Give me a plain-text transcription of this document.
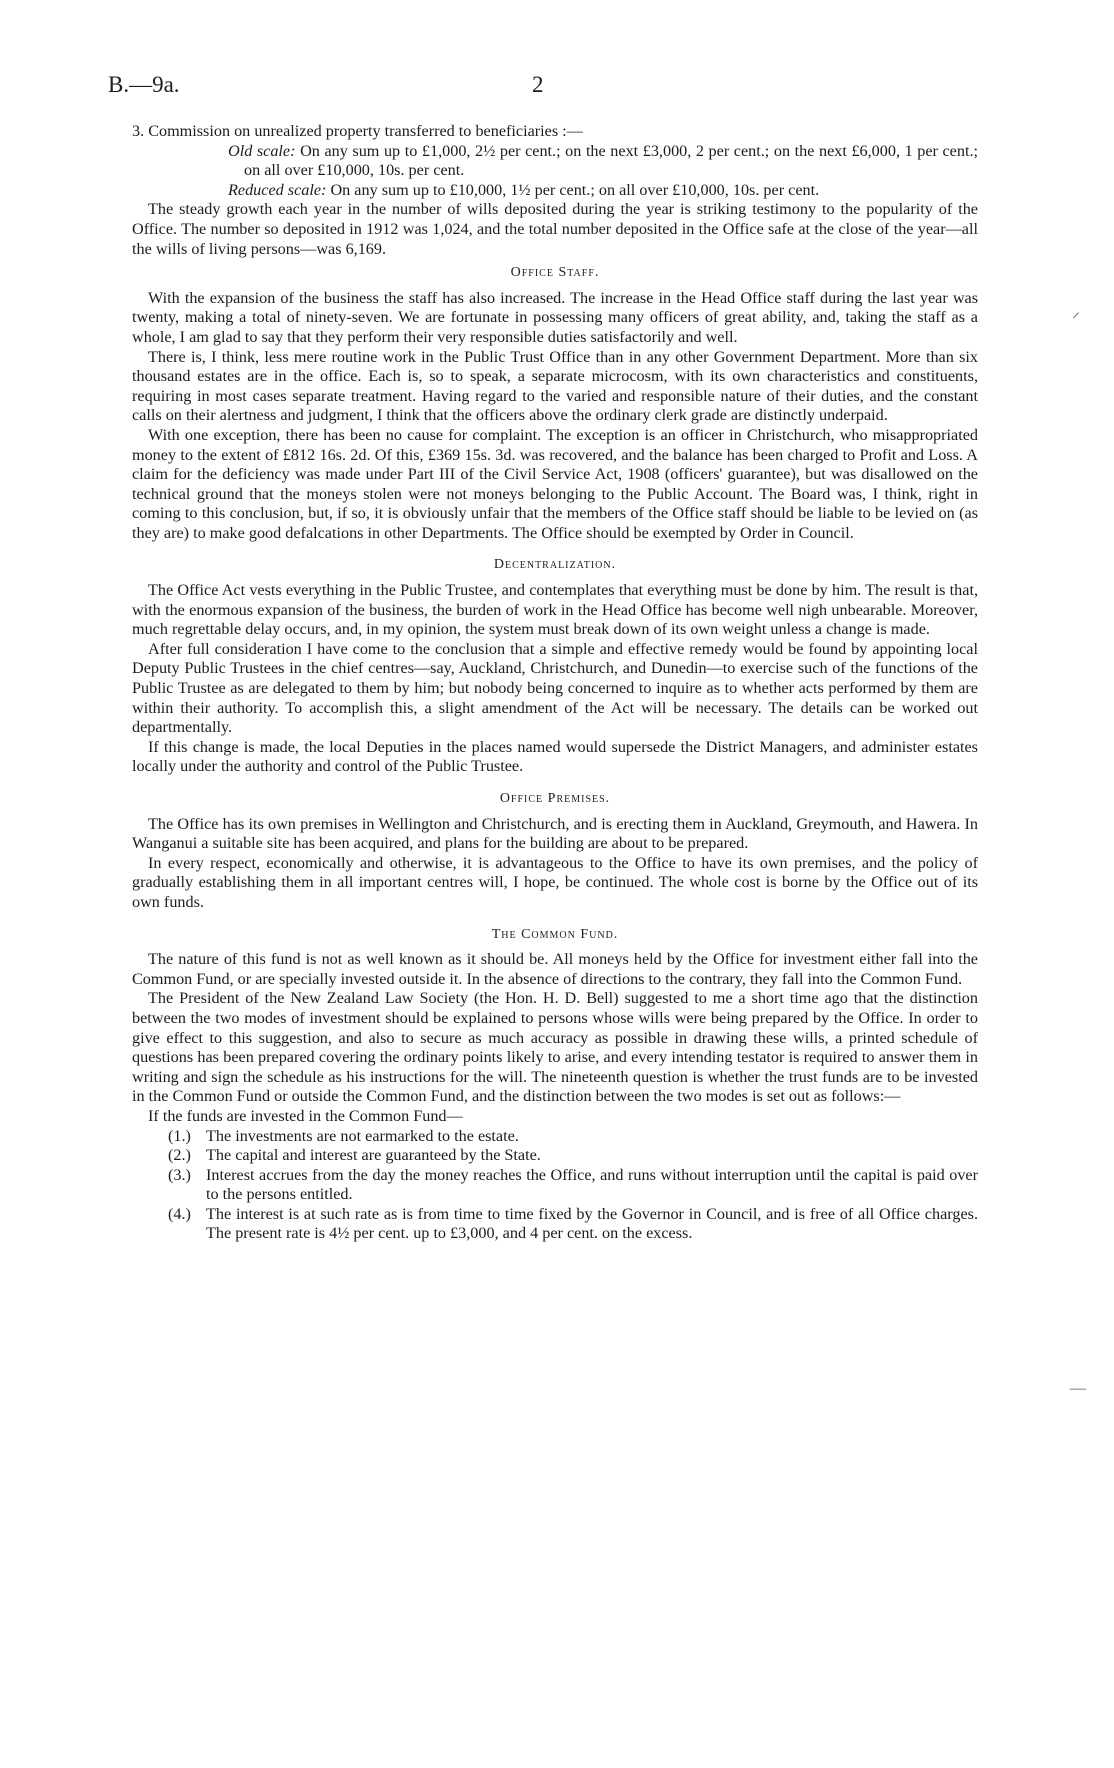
B.—9a.	2
⸝
—

3. Commission on unrealized property transferred to beneficiaries :—

Old scale: On any sum up to £1,000, 2½ per cent.; on the next £3,000, 2 per cent.; on the next £6,000, 1 per cent.; on all over £10,000, 10s. per cent.
Reduced scale: On any sum up to £10,000, 1½ per cent.; on all over £10,000, 10s. per cent.

The steady growth each year in the number of wills deposited during the year is striking testimony to the popularity of the Office. The number so deposited in 1912 was 1,024, and the total number deposited in the Office safe at the close of the year—all the wills of living persons—was 6,169.

Office Staff.

With the expansion of the business the staff has also increased. The increase in the Head Office staff during the last year was twenty, making a total of ninety-seven. We are fortunate in possessing many officers of great ability, and, taking the staff as a whole, I am glad to say that they perform their very responsible duties satisfactorily and well.

There is, I think, less mere routine work in the Public Trust Office than in any other Government Department. More than six thousand estates are in the office. Each is, so to speak, a separate microcosm, with its own characteristics and constituents, requiring in most cases separate treatment. Having regard to the varied and responsible nature of their duties, and the constant calls on their alertness and judgment, I think that the officers above the ordinary clerk grade are distinctly underpaid.

With one exception, there has been no cause for complaint. The exception is an officer in Christchurch, who misappropriated money to the extent of £812 16s. 2d. Of this, £369 15s. 3d. was recovered, and the balance has been charged to Profit and Loss. A claim for the deficiency was made under Part III of the Civil Service Act, 1908 (officers' guarantee), but was disallowed on the technical ground that the moneys stolen were not moneys belonging to the Public Account. The Board was, I think, right in coming to this conclusion, but, if so, it is obviously unfair that the members of the Office staff should be liable to be levied on (as they are) to make good defalcations in other Departments. The Office should be exempted by Order in Council.

Decentralization.

The Office Act vests everything in the Public Trustee, and contemplates that everything must be done by him. The result is that, with the enormous expansion of the business, the burden of work in the Head Office has become well nigh unbearable. Moreover, much regrettable delay occurs, and, in my opinion, the system must break down of its own weight unless a change is made.

After full consideration I have come to the conclusion that a simple and effective remedy would be found by appointing local Deputy Public Trustees in the chief centres—say, Auckland, Christchurch, and Dunedin—to exercise such of the functions of the Public Trustee as are delegated to them by him; but nobody being concerned to inquire as to whether acts performed by them are within their authority. To accomplish this, a slight amendment of the Act will be necessary. The details can be worked out departmentally.

If this change is made, the local Deputies in the places named would supersede the District Managers, and administer estates locally under the authority and control of the Public Trustee.

Office Premises.

The Office has its own premises in Wellington and Christchurch, and is erecting them in Auckland, Greymouth, and Hawera. In Wanganui a suitable site has been acquired, and plans for the building are about to be prepared.

In every respect, economically and otherwise, it is advantageous to the Office to have its own premises, and the policy of gradually establishing them in all important centres will, I hope, be continued. The whole cost is borne by the Office out of its own funds.

The Common Fund.

The nature of this fund is not as well known as it should be. All moneys held by the Office for investment either fall into the Common Fund, or are specially invested outside it. In the absence of directions to the contrary, they fall into the Common Fund.

The President of the New Zealand Law Society (the Hon. H. D. Bell) suggested to me a short time ago that the distinction between the two modes of investment should be explained to persons whose wills were being prepared by the Office. In order to give effect to this suggestion, and also to secure as much accuracy as possible in drawing these wills, a printed schedule of questions has been prepared covering the ordinary points likely to arise, and every intending testator is required to answer them in writing and sign the schedule as his instructions for the will. The nineteenth question is whether the trust funds are to be invested in the Common Fund or outside the Common Fund, and the distinction between the two modes is set out as follows:—

If the funds are invested in the Common Fund—

(1.) The investments are not earmarked to the estate.
(2.) The capital and interest are guaranteed by the State.
(3.) Interest accrues from the day the money reaches the Office, and runs without interruption until the capital is paid over to the persons entitled.
(4.) The interest is at such rate as is from time to time fixed by the Governor in Council, and is free of all Office charges. The present rate is 4½ per cent. up to £3,000, and 4 per cent. on the excess.
